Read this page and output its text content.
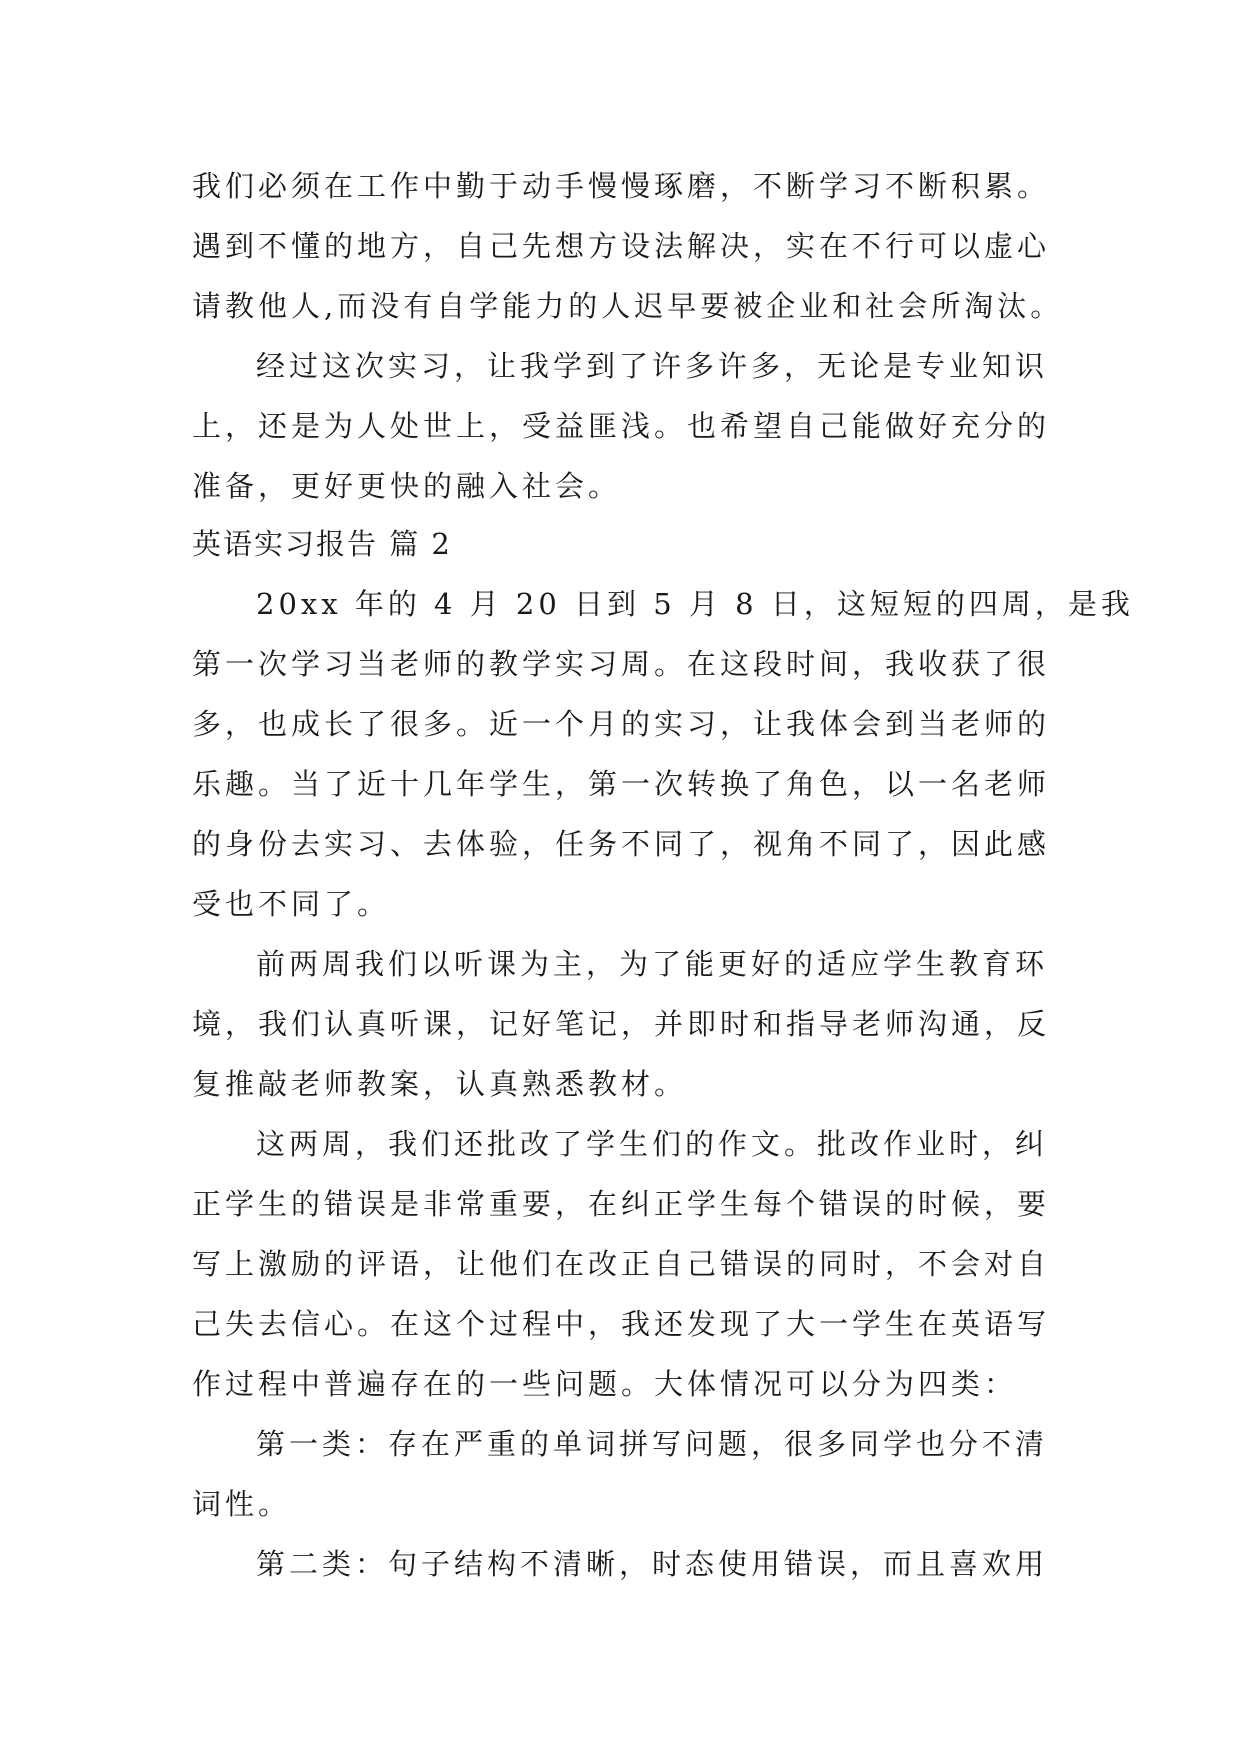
我们必须在工作中勤于动手慢慢琢磨，不断学习不断积累。
遇到不懂的地方，自己先想方设法解决，实在不行可以虚心
请教他人,而没有自学能力的人迟早要被企业和社会所淘汰。
经过这次实习，让我学到了许多许多，无论是专业知识
上，还是为人处世上，受益匪浅。也希望自己能做好充分的
准备，更好更快的融入社会。
英语实习报告 篇 2
20xx 年的 4 月 20 日到 5 月 8 日，这短短的四周，是我
第一次学习当老师的教学实习周。在这段时间，我收获了很
多，也成长了很多。近一个月的实习，让我体会到当老师的
乐趣。当了近十几年学生，第一次转换了角色，以一名老师
的身份去实习、去体验，任务不同了，视角不同了，因此感
受也不同了。
前两周我们以听课为主，为了能更好的适应学生教育环
境，我们认真听课，记好笔记，并即时和指导老师沟通，反
复推敲老师教案，认真熟悉教材。
这两周，我们还批改了学生们的作文。批改作业时，纠
正学生的错误是非常重要，在纠正学生每个错误的时候，要
写上激励的评语，让他们在改正自己错误的同时，不会对自
己失去信心。在这个过程中，我还发现了大一学生在英语写
作过程中普遍存在的一些问题。大体情况可以分为四类：
第一类：存在严重的单词拼写问题，很多同学也分不清
词性。
第二类：句子结构不清晰，时态使用错误，而且喜欢用
